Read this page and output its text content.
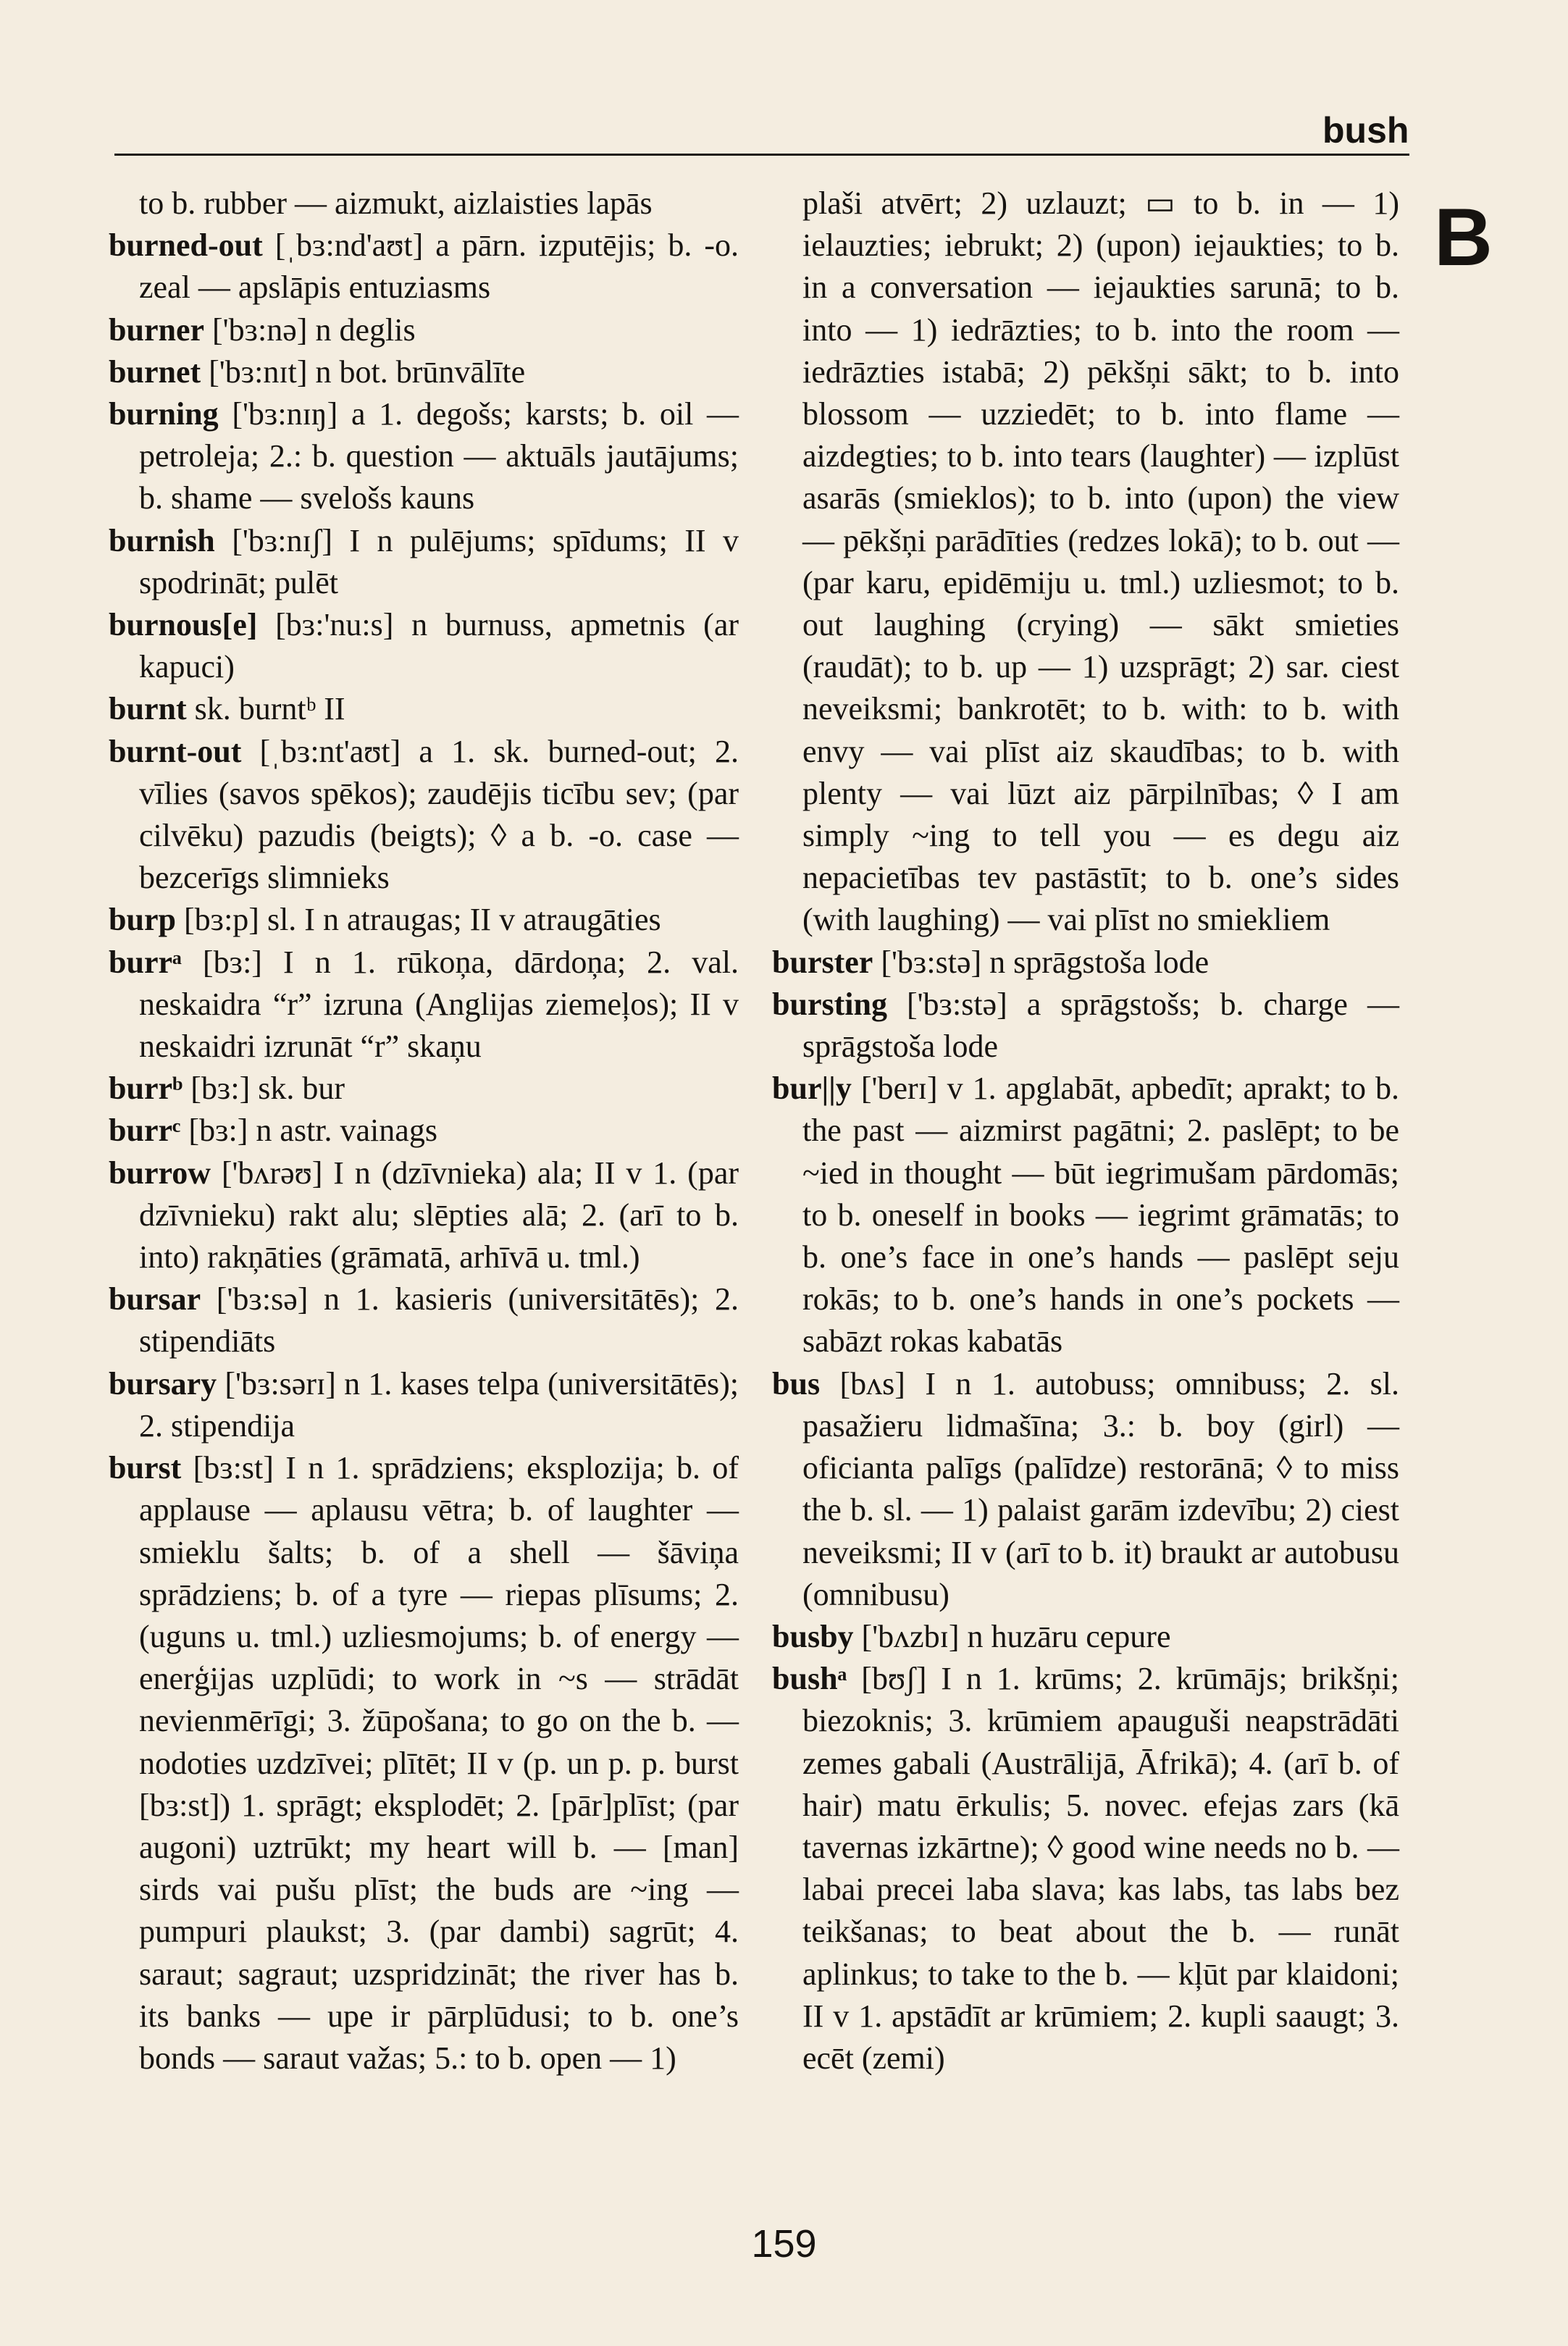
bush
B

to b. rubber — aizmukt, aizlaisties lapās

burned-out [ˌbɜ:nd'aʊt] a pārn. izputējis; b. -o. zeal — apslāpis entuziasms

burner ['bɜ:nə] n deglis

burnet ['bɜ:nɪt] n bot. brūnvālīte

burning ['bɜ:nɪŋ] a 1. degošs; karsts; b. oil — petroleja; 2.: b. question — aktuāls jautājums; b. shame — svelošs kauns

burnish ['bɜ:nɪʃ] I n pulējums; spīdums; II v spodrināt; pulēt

burnous[e] [bɜ:'nu:s] n burnuss, apmetnis (ar kapuci)

burnt sk. burntᵇ II

burnt-out [ˌbɜ:nt'aʊt] a 1. sk. burned-out; 2. vīlies (savos spēkos); zaudējis ticību sev; (par cilvēku) pazudis (beigts); ◊ a b. -o. case — bezcerīgs slimnieks

burp [bɜ:p] sl. I n atraugas; II v atraugāties

burrᵃ [bɜ:] I n 1. rūkoņa, dārdoņa; 2. val. neskaidra “r” izruna (Anglijas ziemeļos); II v neskaidri izrunāt “r” skaņu

burrᵇ [bɜ:] sk. bur

burrᶜ [bɜ:] n astr. vainags

burrow ['bʌrəʊ] I n (dzīvnieka) ala; II v 1. (par dzīvnieku) rakt alu; slēpties alā; 2. (arī to b. into) rakņāties (grāmatā, arhīvā u. tml.)

bursar ['bɜ:sə] n 1. kasieris (universitātēs); 2. stipendiāts

bursary ['bɜ:sərɪ] n 1. kases telpa (universitātēs); 2. stipendija

burst [bɜ:st] I n 1. sprādziens; eksplozija; b. of applause — aplausu vētra; b. of laughter — smieklu šalts; b. of a shell — šāviņa sprādziens; b. of a tyre — riepas plīsums; 2. (uguns u. tml.) uzliesmojums; b. of energy — enerģijas uzplūdi; to work in ~s — strādāt nevienmērīgi; 3. žūpošana; to go on the b. — nodoties uzdzīvei; plītēt; II v (p. un p. p. burst [bɜ:st]) 1. sprāgt; eksplodēt; 2. [pār]plīst; (par augoni) uztrūkt; my heart will b. — [man] sirds vai pušu plīst; the buds are ~ing — pumpuri plaukst; 3. (par dambi) sagrūt; 4. saraut; sagraut; uzspridzināt; the river has b. its banks — upe ir pārplūdusi; to b. one’s bonds — saraut važas; 5.: to b. open — 1)

plaši atvērt; 2) uzlauzt; ▭ to b. in — 1) ielauzties; iebrukt; 2) (upon) iejaukties; to b. in a conversation — iejaukties sarunā; to b. into — 1) iedrāzties; to b. into the room — iedrāzties istabā; 2) pēkšņi sākt; to b. into blossom — uzziedēt; to b. into flame — aizdegties; to b. into tears (laughter) — izplūst asarās (smieklos); to b. into (upon) the view — pēkšņi parādīties (redzes lokā); to b. out — (par karu, epidēmiju u. tml.) uzliesmot; to b. out laughing (crying) — sākt smieties (raudāt); to b. up — 1) uzsprāgt; 2) sar. ciest neveiksmi; bankrotēt; to b. with: to b. with envy — vai plīst aiz skaudības; to b. with plenty — vai lūzt aiz pārpilnības; ◊ I am simply ~ing to tell you — es degu aiz nepacietības tev pastāstīt; to b. one’s sides (with laughing) — vai plīst no smiekliem

burster ['bɜ:stə] n sprāgstoša lode

bursting ['bɜ:stə] a sprāgstošs; b. charge — sprāgstoša lode

bur||y ['berɪ] v 1. apglabāt, apbedīt; aprakt; to b. the past — aizmirst pagātni; 2. paslēpt; to be ~ied in thought — būt iegrimušam pārdomās; to b. oneself in books — iegrimt grāmatās; to b. one’s face in one’s hands — paslēpt seju rokās; to b. one’s hands in one’s pockets — sabāzt rokas kabatās

bus [bʌs] I n 1. autobuss; omnibuss; 2. sl. pasažieru lidmašīna; 3.: b. boy (girl) — oficianta palīgs (palīdze) restorānā; ◊ to miss the b. sl. — 1) palaist garām izdevību; 2) ciest neveiksmi; II v (arī to b. it) braukt ar autobusu (omnibusu)

busby ['bʌzbɪ] n huzāru cepure

bushᵃ [bʊʃ] I n 1. krūms; 2. krūmājs; brikšņi; biezoknis; 3. krūmiem apauguši neapstrādāti zemes gabali (Austrālijā, Āfrikā); 4. (arī b. of hair) matu ērkulis; 5. novec. efejas zars (kā tavernas izkārtne); ◊ good wine needs no b. — labai precei laba slava; kas labs, tas labs bez teikšanas; to beat about the b. — runāt aplinkus; to take to the b. — kļūt par klaidoni; II v 1. apstādīt ar krūmiem; 2. kupli saaugt; 3. ecēt (zemi)

159
